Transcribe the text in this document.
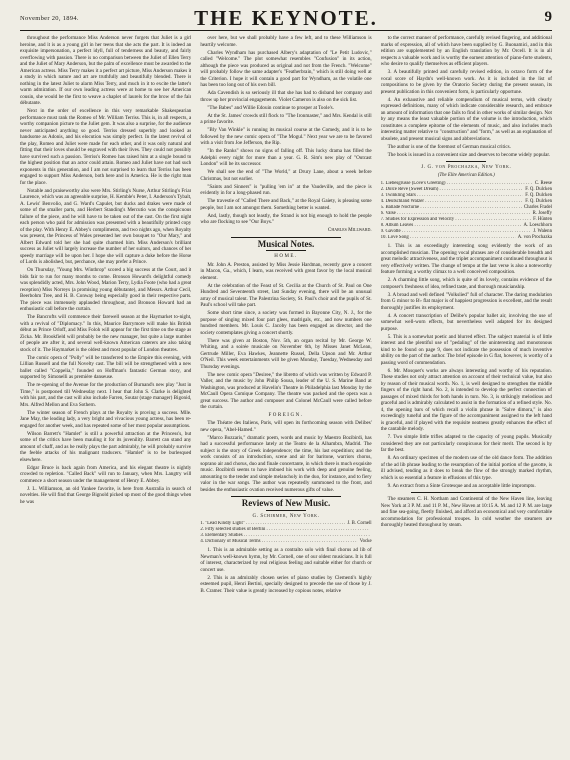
November 20, 1894.	THE KEYNOTE.	9

throughout the performance Miss Anderson never forgets that Juliet is a girl heroine, and it is as a young girl in her teens that she acts the part. It is indeed an exquisite impersonation, a perfect idyll, full of tenderness and beauty, and fairly overflowing with passion. There is no comparison between the Juliet of Ellen Terry and the Juliet of Mary Anderson, but the palm of excellence must be awarded to the American actress. Miss Terry makes it a perfect art picture, Miss Anderson makes it a study in which nature and art are truthfully and beautifully blended. There is nothing in the latest Juliet to alarm Miss Terry, and much in it to excite the latter's warm admiration. If our own leading actress were at home to see her American cousin, she would be the first to weave a chaplet of laurels for the brow of the fair débutante.

Next in the order of excellence in this very remarkable Shakespearian performance must rank the Romeo of Mr. William Terriss. This is, in all respects, a worthy companion picture to the Juliet gem. It was also a surprise, for the audience never anticipated anything so good. Terriss dressed superbly and looked as handsome as Adonis, and his elocution was simply perfect. In the latest revival of the play, Romeo and Juliet were made for each other, and it was only natural and fitting that their loves should be engraved with their lives. They could not possibly have survived such a passion. Terriss's Romeo has raised him at a single bound to the highest position that an actor could attain. Romeo and Juliet have not had such exponents in this generation, and I am not surprised to learn that Terriss has been engaged to support Miss Anderson, both here and in America. He is the right man for the place.

Notable and praiseworthy also were Mrs. Stirling's Nurse, Arthur Stirling's Friar Laurence, which was an agreeable surprise, H. Kemble's Peter, I. Anderson's Tybalt, A. Lewis' Benvolio, and G. Ward's Capulet, but ducks and drakes were made of some of the smaller parts, and Herbert Standing's Mercutio was the conspicuous failure of the piece, and he will have to be taken out of the cast. On the first night each person who paid for admission was presented with a beautifully printed copy of the play. With Henry E. Abbey's compliments, and two nights ago, when Royalty was present, the Princess of Wales presented her own bouquet to "Our Mary," and Albert Edward told her she had quite charmed him. Miss Anderson's brilliant success as Juliet will largely increase the number of her suitors, and chances of her speedy marriage will be upon her. I hope she will capture a duke before the Horse of Lords is abolished, but, perchance, she may prefer a Prince.

On Thursday, "Young Mrs. Winthrop" scored a big success at the Court, and it bids fair to run for many months to come. Bronson Howard's delightful comedy was splendidly acted, Mrs. John Wood, Marion Terry, Lydia Foote (who had a great reception) Miss Norreys (a promising young débutante), and Messrs. Arthur Cecil, Beerbohm Tree, and H. B. Conway being especially good in their respective parts. The piece was immensely applauded throughout, and Bronson Howard had an enthusiastic call before the curtain.

The Bancrofts will commence their farewell season at the Haymarket to-night, with a revival of "Diplomacy." In this, Maurice Barrymore will make his British début as Prince Orloff, and Miss Foloh will appear for the first time on the stage as Zicka. Mr. Brookfield will probably be the new manager, but quite a large number of people are after it, and several well-known American caterers are also taking stock of it. The Haymarket is the oldest and most popular of London theatres.

The comic opera of "Polly" will be transferred to the Empire this evening, with Lillian Russell and the full Novelty cast. The bill will be strengthened with a new ballet called "Coppelia," founded on Hoffman's fantastic German story, and supported by Simonelli as première danseuse.

The re-opening of the Avenue for the production of Burnand's new play "Just in Time," is postponed till Wednesday next. I hear that John S. Clarke is delighted with his part, and the cast will also include Farren, Soutar (stage manager) Bigonid, Mrs. Alfred Mellon and Eva Sothern.

The winter season of French plays at the Royalty is proving a success. Mlle. Jane May, the leading lady, a very bright and vivacious young actress, has been re-engaged for another week, and has repeated some of her most popular assumptions.

Wilson Barrett's "Hamlet" is still a powerful attraction at the Princess's, but some of the critics have been mauling it for its juvenility. Barrett can stand any amount of chaff, and as he really plays the part admirably, he will probably survive the feeble attacks of his malignant traducers. "Hamlet" is to be burlesqued elsewhere.

Edgar Bruce is back again from America, and his elegant theatre is nightly crowded to repletion. "Called Back" will run to January, when Mrs. Langtry will commence a short season under the management of Henry E. Abbey.

J. L. Williamson, an old Yankee favorite, is here from Australia in search of novelties. He will find that George Bignold picked up most of the good things when he was

over here, but we shall probably have a few left, and to these Williamson is heartily welcome.

Charles Wyndham has purchased Albery's adaptation of "Le Petit Ludovic," called "Welcome." The plot somewhat resembles "Confusion" in its action, although the piece was produced as original and not from the French. "Welcome" will probably follow the same adapter's "Featherbrain," which is still doing well at the Criterion. I hope it will contain a good part for Wyndham, as the volatile one has been too long out of his own bill.

Ada Cavendish is so seriously ill that she has had to disband her company and throw up her provincial engagements. Violet Cameron is also on the sick list.

"The Babes" and Willie Edouin continue to prosper at Toole's.

At the St. James' crowds still flock to "The Ironmaster," and Mrs. Kendal is still a prime favorite.

"Bly Van Winkle" is running its musical course at the Comedy, and it is to be followed by the new comic opera of "The Mogul." Next year we are to be favored with a visit from Joe Jefferson, the Rip.

"In the Ranks" shows no signs of falling off. This lucky drama has filled the Adelphi every night for more than a year. G. R. Sim's new play of "Outcast London" will be its successor.

We shall see the end of "The World," at Drury Lane, about a week before Christmas, but not earlier.

"Saints and Sinners" is "pulling 'em in" at the Vaudeville, and the piece is evidently in for a long-phased run.

The travestie of "Called There and Back," at the Royal Gaiety, is pleasing some people, but I am not amongst them. Something better is wanted.

And, lastly, though not leastly, the Strand is not big enough to hold the people who are flocking to see "Our Boys."

Charles Millward.

Musical Notes.
HOME.

Mr. John A. Preston, assisted by Miss Jessie Hardman, recently gave a concert in Macon, Ga., which, I learn, was received with great favor by the local musical element.

At the celebration of the Feast of St. Cecilia at the Church of St. Paul on One Hundred and Seventeenth street, last Sunday evening, there will be an unusual array of musical talent. The Palestrina Society, St. Paul's choir and the pupils of St. Paul's school will take part.

Some short time since, a society was formed in Bayonne City, N. J., for the purpose of singing mixed four part glees, madrigals, etc., and now numbers one hundred members. Mr. Louis C. Jacoby has been engaged as director, and the society contemplates giving a concert shortly.

There was given at Boston, Nov. 5th, an organ recital by Mr. George W. Whiting, and a soirée musicale on November 6th, by Misses Janet McLean, Gertrude Miller, Eva Hawkes, Jeannette Russel, Della Upson and Mr. Arthur O'Neil. This week entertainments will be given Monday, Tuesday, Wednesday and Thursday evenings.

The new comic opera "Desiree," the libretto of which was written by Edward P. Valler, and the music by John Philip Sousa, leader of the U. S. Marine Band at Washington, was produced at Havelin's Theatre in Philadelphia last Monday by the McCaull Opera Comique Company. The theatre was packed and the opera was a great success. The author and composer and Colonel McCaull were called before the curtain.

FOREIGN.

The Théatre des Italiens, Paris, will open its forthcoming season with Delibes' new opera, "Abel-Hamed."

"Marco Bozzaris," dramatic poem, words and music by Maestro Bozibirdi, has had a successful performance lately at the Teatro de la Alhambra, Madrid. The subject is the story of Greek independence; the time, his last expedition; and the work consists of an introduction, scene and air for baritone, warriors chorus, soprano air and chorus, duo and finale concertante, in which there is much exquisite music. Bozibirdi seems to have imbued his work with deep and genuine feeling, amounting to the tender and simple melancholy in the duo, for instance, and to fiery valor in the war songs. The author was repeatedly summoned to the front, and besides the enthusiastic ovation received numerous gifts of value.

Reviews of New Music.
G. Schirmer, New York.
1. "Lead Kindly Light" . . .	J. B. Cornell
2. Fifty selected studies of Bertini . . .
3. Elementary Studies . . .
4. Dictionary of Musical Terms . . .	Vocke

1. This is an admirable setting as a contralto solo with final chorus ad lib of Newman's well-known hymn, by Mr. Cornell, one of our oldest musicians. It is full of interest, characterized by real religious feeling and suitable either for church or concert use.

2. This is an admirably chosen series of piano studies by Clementi's highly esteemed pupil, Henri Bertini, specially designed to precede the use of those by J. B. Cramer. Their value is greatly increased by copious notes, relative

to the correct manner of performance, carefully revised fingering, and additional marks of expression, all of which have been supplied by G. Buonamici, and in this edition are supplemented by an English translation by Mr. Orcell. It is in all respects a valuable work and is worthy the earnest attention of piano-forte students, who desire to qualify themselves as efficient players.

3. A beautifully printed and carefully revised edition, in octavo form of the vocal score of Haydn's well-known work. As it is included in the list of compositions to be given by the Oratorio Society during the present season, its present publication in this convenient form, is particularly opportune.

4. An exhaustive and reliable compendium of musical terms, with clearly expressed definitions, many of which indicate considerable research, and embrace an amount of information that one fails to find in other works of similar design. Not by any means the least valuable portion of the volume is the introduction, which constitutes a complete epitome of the elements of music, and also includes much interesting matter relative to "construction" and "form," as well as an explanation of obsolete, and present musical signs and abbreviations.

The author is one of the foremost of German musical critics.

The book is issued in a convenient size and deserves to become widely popular.

J. G. von Prochazka, New York.
(The Elite American Edition.)
1. Liebesgrüsse (Love's Greeting) . . .	C. Reese
2. Dolce Rêve (Sweet Dream) . . .	F. Q. Dulcken
3. Twinkling Stars . . .	F. Q. Dulcken
4. Deutschland Walzer . . .	F. Q. Dulcken
5. Ballade Nocturne . . .	Charles Fradel
6. Valse . . .	R. Joseffy
7. Studies for Expression and Velocity . . .	F. Hünten
8. Album Leaves . . .	A. Loeschhorn
9. Gavotte . . .	J. Walenn
10. Love Song . . .	A. von Prochazka

1. This is an exceedingly interesting song evidently the work of an accomplished musician. The opening vocal phrases are of considerable breadth and great melodic attractiveness, and the triplet accompaniment continued throughout is very effectively written. The change of tempo at the last verse is also a noteworthy feature forming a worthy climax to a well conceived composition.

2. A charming little song, which is quite of its lovely, contains evidence of the composer's freshness of idea, refined taste, and thorough musicianship.

3. A broad and well defined "Volkslied" full of character. The daring modulation from G minor to B♭ flat major is of happiest progression is excellent, and the result thoroughly justifies its employment.

4. A concert transcription of Delibe's popular ballet air, involving the use of somewhat well-worn effects, but nevertheless well adapted for its designed purpose.

5. This is a somewhat poetic and blurred effect. The subject material is of little interest and the plentiful use of "pedaling" of the uninteresting and monotonous kind to be found on page 9, does not indicate the possession of much inventive ability on the part of the author. The brief episode in G flat, however, is worthy of a passing word of commendation.

6. Mr. Mosquet's works are always interesting and worthy of his reputation. These studies not only attract attention on account of their technical value, but also by reason of their musical worth. No. 1, is well designed to strengthen the middle fingers of the right hand. No. 2, is intended to develop the perfect connection of passages of mixed thirds for both hands in turn. No. 3, is strikingly melodious and graceful and is admirably calculated to assist in the formation of a refined style. No. 4, the opening bars of which recall a violin phrase in "Salve dimora," is also exceedingly tuneful and the figure of the accompaniment assigned to the left hand is graceful, and if played with the requisite neatness greatly enhances the effect of the cantabile melody.

7. Two simple little trifles adapted to the capacity of young pupils. Musically considered they are not particularly conspicuous for their merit. The second is by far the best.

8. An ordinary specimen of the modern use of the old dance form. The addition of the ad lib phrase leading to the resumption of the initial portion of the gavotte, is ill advised, tending as it does to break the flow of the strongly marked rhythm, which is so essential a feature in effusions of this type.

9. An extract from a Sinte Grotesque and an acceptable little impromptu.

The steamers C. H. Northam and Continental of the New Haven line, leaving New York at 3 P. M. and 11 P. M., New Haven at 10:15 A. M. and 12 P. M. are large and fine sea-going, fleetly finished, and afford an economical and very comfortable accommodation for professional troupes. In cold weather the steamers are thoroughly heated throughout by steam.
